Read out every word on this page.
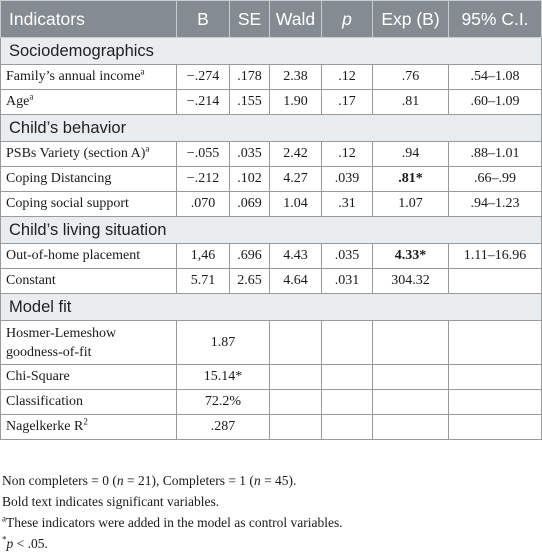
Indicators	B	SE	Wald	p	Exp (B)	95% C.I.
Sociodemographics						
Family’s annual income$^a$	−.274	.178	2.38	.12	.76	.54–1.08
Age$^a$	−.214	.155	1.90	.17	.81	.60–1.09
Child’s behavior						
PSBs Variety (section A)$^a$	−.055	.035	2.42	.12	.94	.88–1.01
Coping Distancing	−.212	.102	4.27	.039	.81*	.66–.99
Coping social support	.070	.069	1.04	.31	1.07	.94–1.23
Child’s living situation						
Out-of-home placement	1,46	.696	4.43	.035	4.33*	1.11–16.96
Constant	5.71	2.65	4.64	.031	304.32	
Model fit						
Hosmer-Lemeshow goodness-of-fit	1.87					
Chi-Square	15.14*					
Classification	72.2%					
Nagelkerke $R^2$	.287					
Non completers = 0 (n = 21), Completers = 1 (n = 45).
Bold text indicates significant variables.
$^a$These indicators were added in the model as control variables.
*p < .05.
